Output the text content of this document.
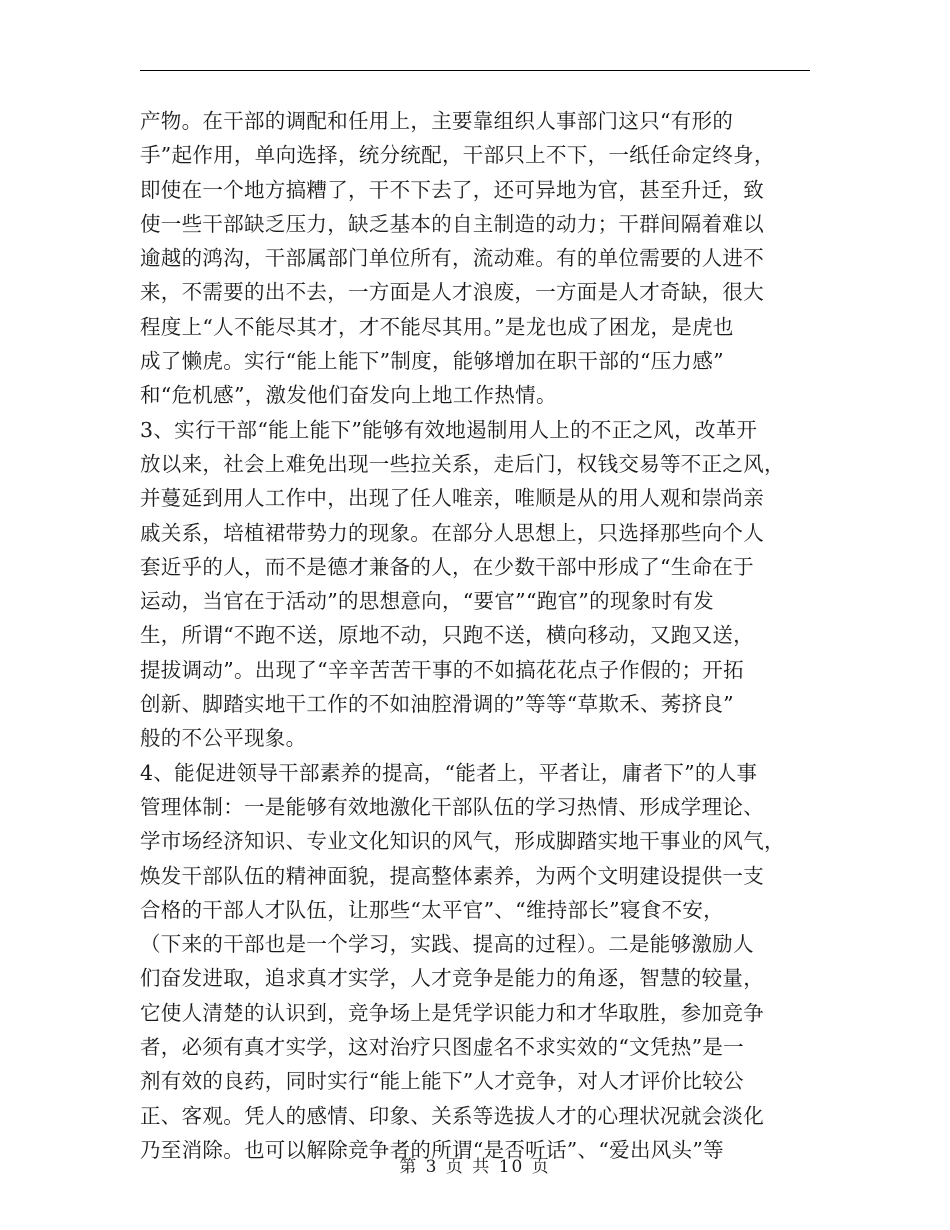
产物。在干部的调配和任用上，主要靠组织人事部门这只“有形的
手”起作用，单向选择，统分统配，干部只上不下，一纸任命定终身，
即使在一个地方搞糟了，干不下去了，还可异地为官，甚至升迁，致
使一些干部缺乏压力，缺乏基本的自主制造的动力；干群间隔着难以
逾越的鸿沟，干部属部门单位所有，流动难。有的单位需要的人进不
来，不需要的出不去，一方面是人才浪废，一方面是人才奇缺，很大
程度上“人不能尽其才，才不能尽其用。”是龙也成了困龙，是虎也
成了懒虎。实行“能上能下”制度，能够增加在职干部的“压力感”
和“危机感”，激发他们奋发向上地工作热情。
3、实行干部“能上能下”能够有效地遏制用人上的不正之风，改革开
放以来，社会上难免出现一些拉关系，走后门，权钱交易等不正之风，
并蔓延到用人工作中，出现了任人唯亲，唯顺是从的用人观和崇尚亲
戚关系，培植裙带势力的现象。在部分人思想上，只选择那些向个人
套近乎的人，而不是德才兼备的人，在少数干部中形成了“生命在于
运动，当官在于活动”的思想意向，“要官”“跑官”的现象时有发
生，所谓“不跑不送，原地不动，只跑不送，横向移动，又跑又送，
提拔调动”。出现了“辛辛苦苦干事的不如搞花花点子作假的；开拓
创新、脚踏实地干工作的不如油腔滑调的”等等“草欺禾、莠挤良”
般的不公平现象。
4、能促进领导干部素养的提高，“能者上，平者让，庸者下”的人事
管理体制：一是能够有效地激化干部队伍的学习热情、形成学理论、
学市场经济知识、专业文化知识的风气，形成脚踏实地干事业的风气，
焕发干部队伍的精神面貌，提高整体素养，为两个文明建设提供一支
合格的干部人才队伍，让那些“太平官”、“维持部长”寝食不安，
（下来的干部也是一个学习，实践、提高的过程）。二是能够激励人
们奋发进取，追求真才实学，人才竞争是能力的角逐，智慧的较量，
它使人清楚的认识到，竞争场上是凭学识能力和才华取胜，参加竞争
者，必须有真才实学，这对治疗只图虚名不求实效的“文凭热”是一
剂有效的良药，同时实行“能上能下”人才竞争，对人才评价比较公
正、客观。凭人的感情、印象、关系等选拔人才的心理状况就会淡化
乃至消除。也可以解除竞争者的所谓“是否听话”、“爱出风头”等
第 3 页 共 10 页
